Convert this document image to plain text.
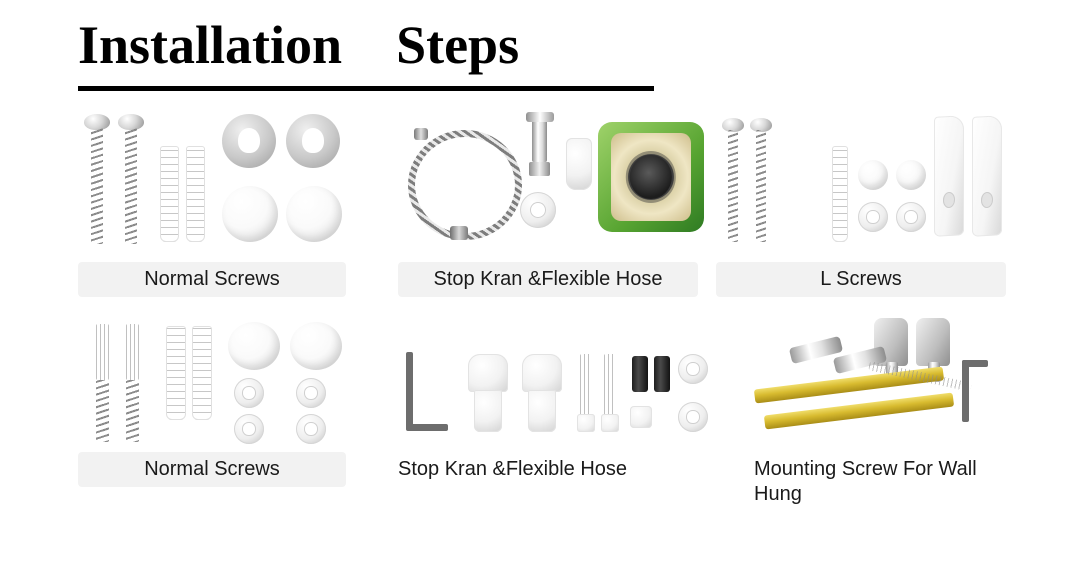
Installation    Steps
Normal Screws	Stop Kran &Flexible Hose	L Screws
Normal Screws	Stop Kran &Flexible Hose	Mounting Screw For Wall Hung
